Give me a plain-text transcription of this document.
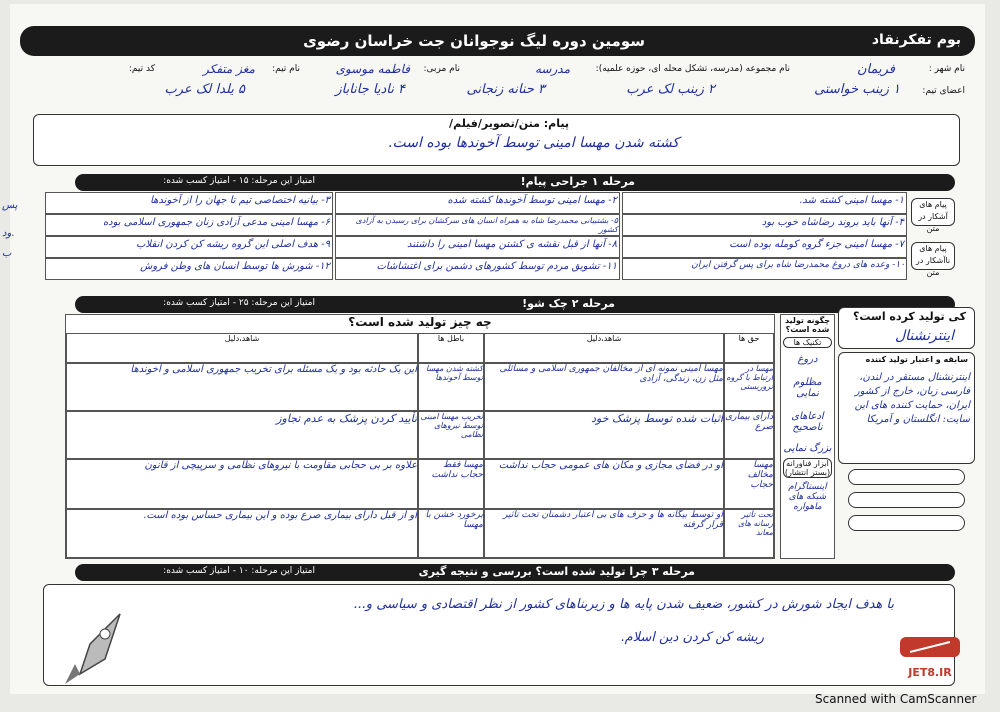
بوم تفکرنقاد
سومین دوره لیگ نوجوانان جت خراسان رضوی
نام شهر :
فریمان
نام مجموعه (مدرسه، تشکل محله ای، حوزه علمیه):
مدرسه
نام مربی:
فاطمه موسوی
نام تیم:
مغز متفکر
کد تیم:
اعضای تیم:
۱ زینب خواستی
۲ زینب لک عرب
۳ حنانه زنجانی
۴ نادیا جاناباز
۵ یلدا لک عرب
پیام: متن/تصویر/فیلم/
کشته شدن مهسا امینی توسط آخوندها بوده است.
مرحله ۱ جراحی پیام!
امتیاز این مرحله: ۱۵ - امتیاز کسب شده:
پیام های آشکار در متن
پیام های ناآشکار در متن
۱- مهسا امینی کشته شد.
۲- مهسا امینی توسط آخوندها کشته شده
۳- بیانیه اختصاصی تیم تا جهان را از آخوندها
۴- آنها باید بروند رضاشاه خوب بود
۵- بشتیبانی محمدرضا شاه به همراه انسان های سرکشان برای رسیدن به آزادی کشور
۶- مهسا امینی مدعی آزادی زنان جمهوری اسلامی بوده
۷- مهسا امینی جزء گروه کومله بوده است
۸- آنها از قبل نقشه ی کشتن مهسا امینی را داشتند
۹- هدف اصلی این گروه ریشه کن کردن انقلاب
۱۰- وعده های دروغ محمدرضا شاه برای پس گرفتن ایران
۱۱- تشویق مردم توسط کشورهای دشمن برای اغتشاشات
۱۲- شورش ها توسط انسان های وطن فروش
مرحله ۲ چک شو!
امتیاز این مرحله: ۲۵ - امتیاز کسب شده:
کی تولید کرده است؟
اینترنشنال
سابقه و اعتبار تولید کننده
اینترنشنال مستقر در لندن، فارسی زبان، خارج از کشور ایران، حمایت کننده های این سایت: انگلستان و آمریکا
چگونه تولید شده است؟
تکنیک ها
دروغ
مظلوم نمایی
ادعاهای ناصحیح
بزرگ نمایی
ابزار فناورانه (بستر انتشار)
اینستاگرام
شبکه های ماهواره
چه چیز تولید شده است؟
حق ها
شاهد،دلیل
باطل ها
شاهد،دلیل
مهسا در ارتباط با گروه تروریستی
مهسا امینی نمونه ای از مخالفان جمهوری اسلامی و مسائلی مثل زن، زندگی، آزادی
کشته شدن مهسا توسط آخوندها
این یک حادثه بود و یک مسئله برای تخریب جمهوری اسلامی و آخوندها
دارای بیماری صرع
اثبات شده توسط پزشک خود
تخریب مهسا امینی توسط نیروهای نظامی
تأیید کردن پزشک به عدم تجاوز
مهسا مخالف حجاب
او در فضای مجازی و مکان های عمومی حجاب نداشت
مهسا فقط حجاب نداشت
علاوه بر بی حجابی مقاومت با نیروهای نظامی و سرپیچی از قانون
تحت تأثیر رسانه های معاند
او توسط بیگانه ها و حرف های بی اعتبار دشمنان تحت تأثیر قرار گرفته
برخورد خشن با مهسا
او از قبل دارای بیماری صرع بوده و این بیماری حساس بوده است.
مرحله ۳ چرا تولید شده است؟ بررسی و نتیجه گیری
امتیاز این مرحله: ۱۰ - امتیاز کسب شده:
با هدف ایجاد شورش در کشور، ضعیف شدن پایه ها و زیربناهای کشور از نظر اقتصادی و سیاسی و...
ریشه کن کردن دین اسلام.
JET8.IR
پس
ود.
ب
Scanned with CamScanner
